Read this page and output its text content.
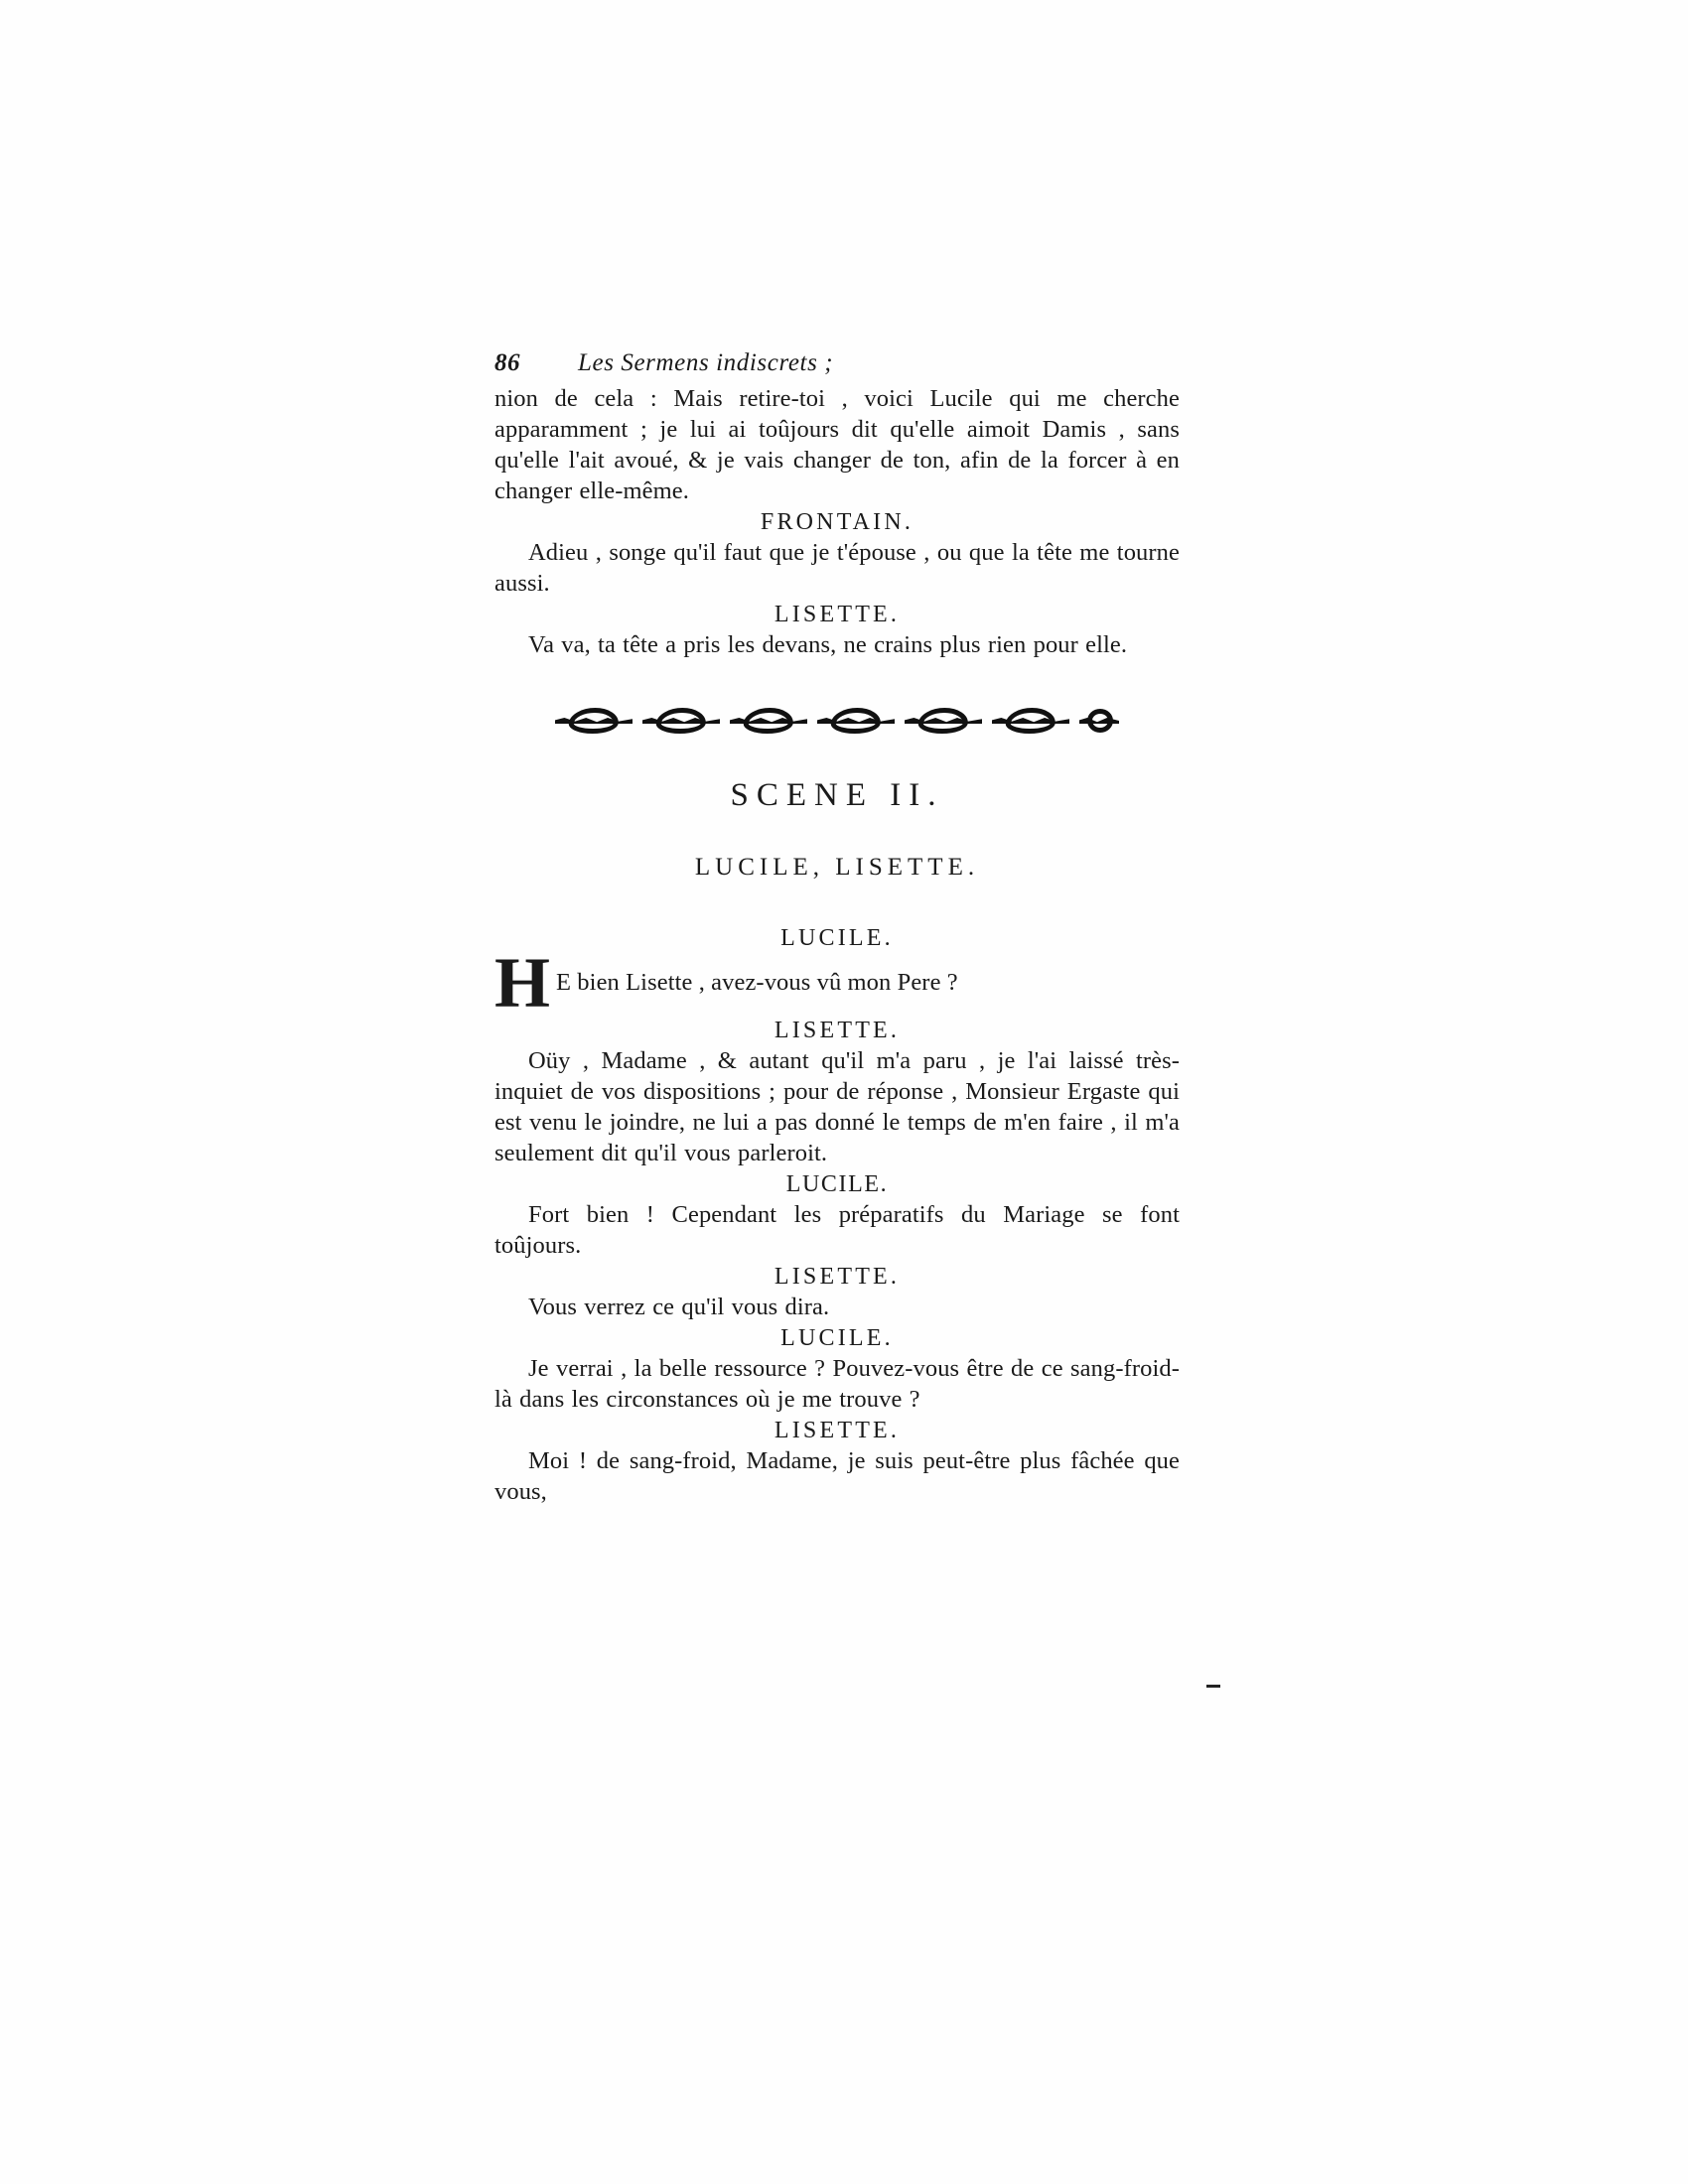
86 Les Sermens indiscrets ;

nion de cela : Mais retire-toi , voici Lucile qui me cherche apparamment ; je lui ai toûjours dit qu'elle aimoit Damis , sans qu'elle l'ait avoué, & je vais changer de ton, afin de la forcer à en changer elle-même.

FRONTAIN.

Adieu , songe qu'il faut que je t'épouse , ou que la tête me tourne aussi.

LISETTE.

Va va, ta tête a pris les devans, ne crains plus rien pour elle.

SCENE II.
LUCILE, LISETTE.
LUCILE.
H E bien Lisette , avez-vous vû mon Pere ?
LISETTE.

Oüy , Madame , & autant qu'il m'a paru , je l'ai laissé très-inquiet de vos dispositions ; pour de réponse , Monsieur Ergaste qui est venu le joindre, ne lui a pas donné le temps de m'en faire , il m'a seulement dit qu'il vous parleroit.

LUCILE.

Fort bien ! Cependant les préparatifs du Mariage se font toûjours.

LISETTE.

Vous verrez ce qu'il vous dira.

LUCILE.

Je verrai , la belle ressource ? Pouvez-vous être de ce sang-froid-là dans les circonstances où je me trouve ?

LISETTE.

Moi ! de sang-froid, Madame, je suis peut-être plus fâchée que vous,
